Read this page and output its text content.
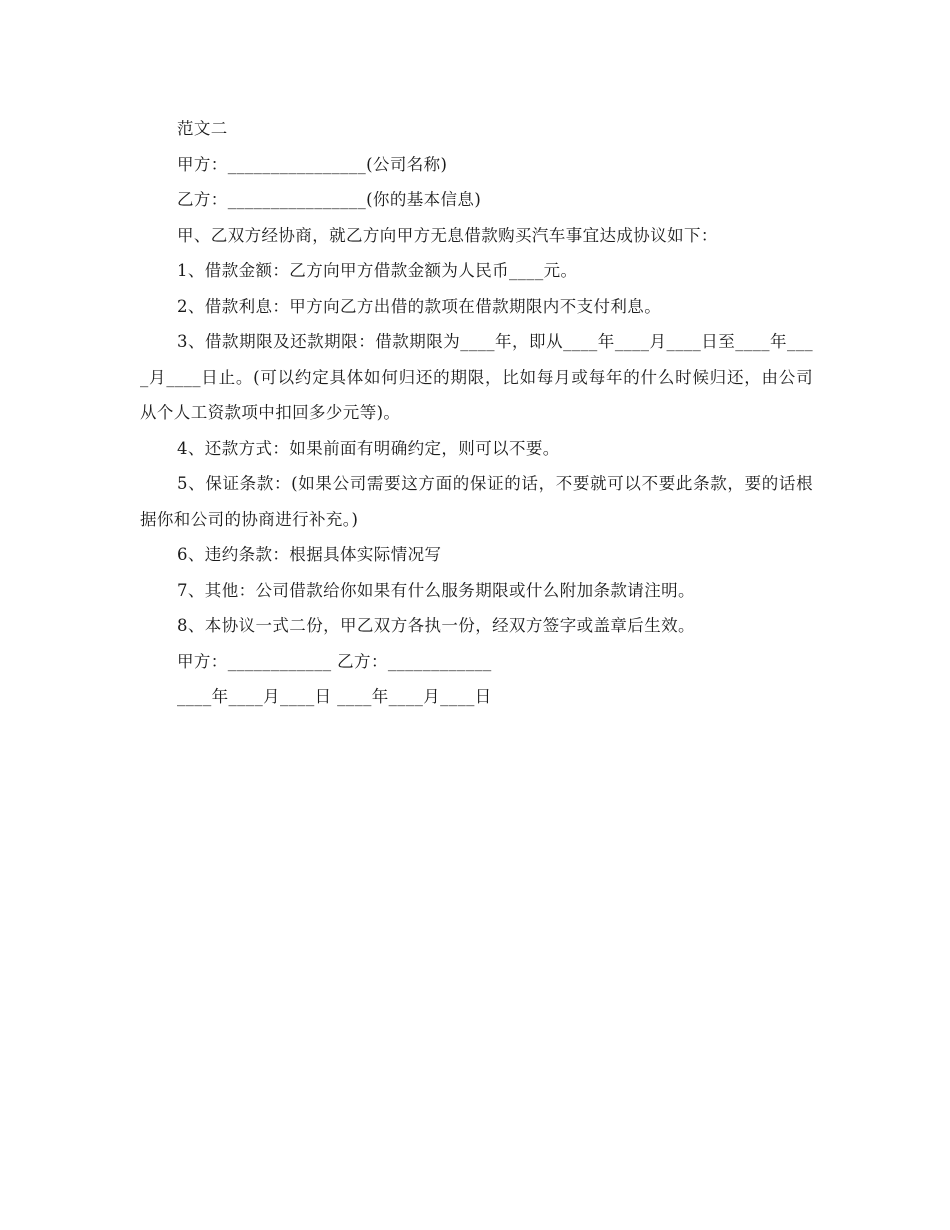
范文二
甲方：________________(公司名称)
乙方：________________(你的基本信息)
甲、乙双方经协商，就乙方向甲方无息借款购买汽车事宜达成协议如下：
1、借款金额：乙方向甲方借款金额为人民币____元。
2、借款利息：甲方向乙方出借的款项在借款期限内不支付利息。
3、借款期限及还款期限：借款期限为____年，即从____年____月____日至____年____月____日止。(可以约定具体如何归还的期限，比如每月或每年的什么时候归还，由公司从个人工资款项中扣回多少元等)。
4、还款方式：如果前面有明确约定，则可以不要。
5、保证条款：(如果公司需要这方面的保证的话，不要就可以不要此条款，要的话根据你和公司的协商进行补充。)
6、违约条款：根据具体实际情况写
7、其他：公司借款给你如果有什么服务期限或什么附加条款请注明。
8、本协议一式二份，甲乙双方各执一份，经双方签字或盖章后生效。
甲方：____________ 乙方：____________
____年____月____日 ____年____月____日
